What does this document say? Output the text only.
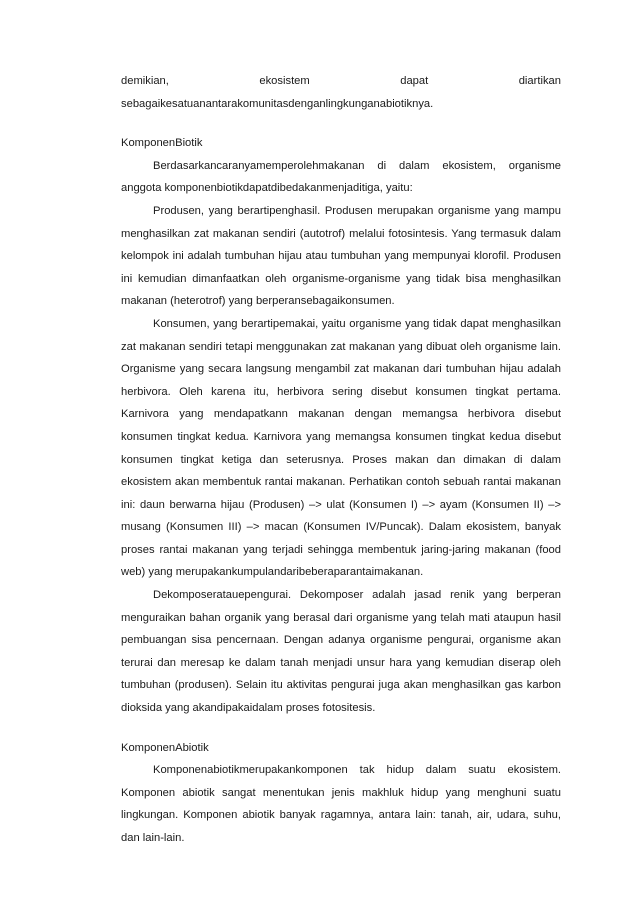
demikian, ekosistem dapat diartikan

sebagaikesatuanantarakomunitasdenganlingkunganabiotiknya.

KomponenBiotik

Berdasarkancaranyamemperolehmakanan di dalam ekosistem, organisme anggota komponenbiotikdapatdibedakanmenjaditiga, yaitu:

Produsen, yang berartipenghasil. Produsen merupakan organisme yang mampu menghasilkan zat makanan sendiri (autotrof) melalui fotosintesis. Yang termasuk dalam kelompok ini adalah tumbuhan hijau atau tumbuhan yang mempunyai klorofil. Produsen ini kemudian dimanfaatkan oleh organisme-organisme yang tidak bisa menghasilkan makanan (heterotrof) yang berperansebagaikonsumen.

Konsumen, yang berartipemakai, yaitu organisme yang tidak dapat menghasilkan zat makanan sendiri tetapi menggunakan zat makanan yang dibuat oleh organisme lain. Organisme yang secara langsung mengambil zat makanan dari tumbuhan hijau adalah herbivora. Oleh karena itu, herbivora sering disebut konsumen tingkat pertama. Karnivora yang mendapatkann makanan dengan memangsa herbivora disebut konsumen tingkat kedua. Karnivora yang memangsa konsumen tingkat kedua disebut konsumen tingkat ketiga dan seterusnya. Proses makan dan dimakan di dalam ekosistem akan membentuk rantai makanan. Perhatikan contoh sebuah rantai makanan ini: daun berwarna hijau (Produsen) –> ulat (Konsumen I) –> ayam (Konsumen II) –> musang (Konsumen III) –> macan (Konsumen IV/Puncak). Dalam ekosistem, banyak proses rantai makanan yang terjadi sehingga membentuk jaring-jaring makanan (food web) yang merupakankumpulandaribeberaparantaimakanan.

Dekomposeratauepengurai. Dekomposer adalah jasad renik yang berperan menguraikan bahan organik yang berasal dari organisme yang telah mati ataupun hasil pembuangan sisa pencernaan. Dengan adanya organisme pengurai, organisme akan terurai dan meresap ke dalam tanah menjadi unsur hara yang kemudian diserap oleh tumbuhan (produsen). Selain itu aktivitas pengurai juga akan menghasilkan gas karbon dioksida yang akandipakaidalam proses fotositesis.

KomponenAbiotik

Komponenabiotikmerupakankomponen tak hidup dalam suatu ekosistem. Komponen abiotik sangat menentukan jenis makhluk hidup yang menghuni suatu lingkungan. Komponen abiotik banyak ragamnya, antara lain: tanah, air, udara, suhu, dan lain-lain.
